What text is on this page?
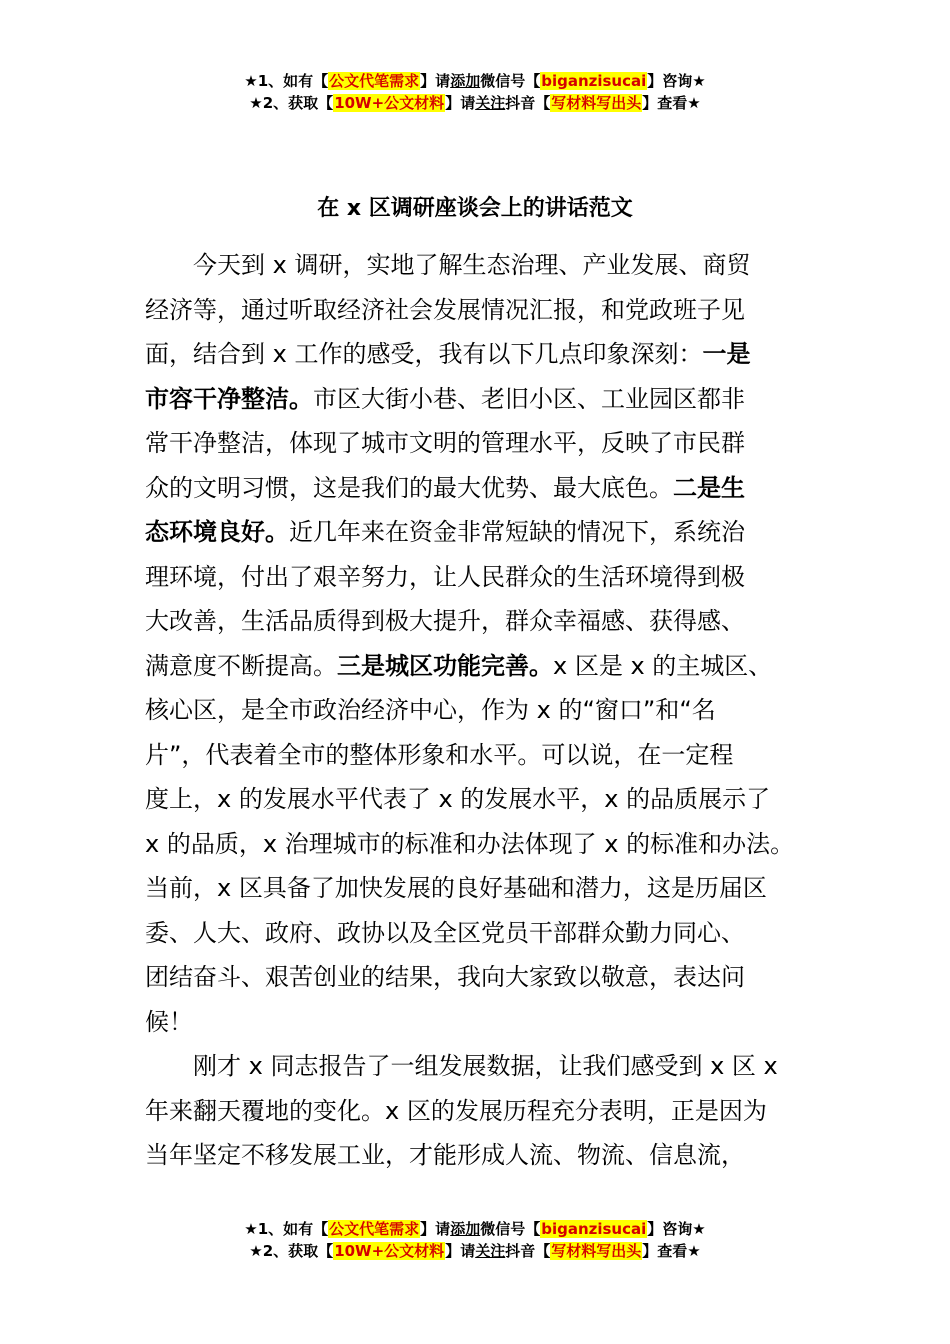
★1、如有【公文代笔需求】请添加微信号【biganzisucai】咨询★
★2、获取【10W+公文材料】请关注抖音【写材料写出头】查看★
在 x 区调研座谈会上的讲话范文
今天到 x 调研，实地了解生态治理、产业发展、商贸
经济等，通过听取经济社会发展情况汇报，和党政班子见
面，结合到 x 工作的感受，我有以下几点印象深刻：一是
市容干净整洁。市区大街小巷、老旧小区、工业园区都非
常干净整洁，体现了城市文明的管理水平，反映了市民群
众的文明习惯，这是我们的最大优势、最大底色。二是生
态环境良好。近几年来在资金非常短缺的情况下，系统治
理环境，付出了艰辛努力，让人民群众的生活环境得到极
大改善，生活品质得到极大提升，群众幸福感、获得感、
满意度不断提高。三是城区功能完善。x 区是 x 的主城区、
核心区，是全市政治经济中心，作为 x 的“窗口”和“名
片”，代表着全市的整体形象和水平。可以说，在一定程
度上，x 的发展水平代表了 x 的发展水平，x 的品质展示了
x 的品质，x 治理城市的标准和办法体现了 x 的标准和办法。
当前，x 区具备了加快发展的良好基础和潜力，这是历届区
委、人大、政府、政协以及全区党员干部群众勤力同心、
团结奋斗、艰苦创业的结果，我向大家致以敬意，表达问
候！
刚才 x 同志报告了一组发展数据，让我们感受到 x 区 x
年来翻天覆地的变化。x 区的发展历程充分表明，正是因为
当年坚定不移发展工业，才能形成人流、物流、信息流，
★1、如有【公文代笔需求】请添加微信号【biganzisucai】咨询★
★2、获取【10W+公文材料】请关注抖音【写材料写出头】查看★
